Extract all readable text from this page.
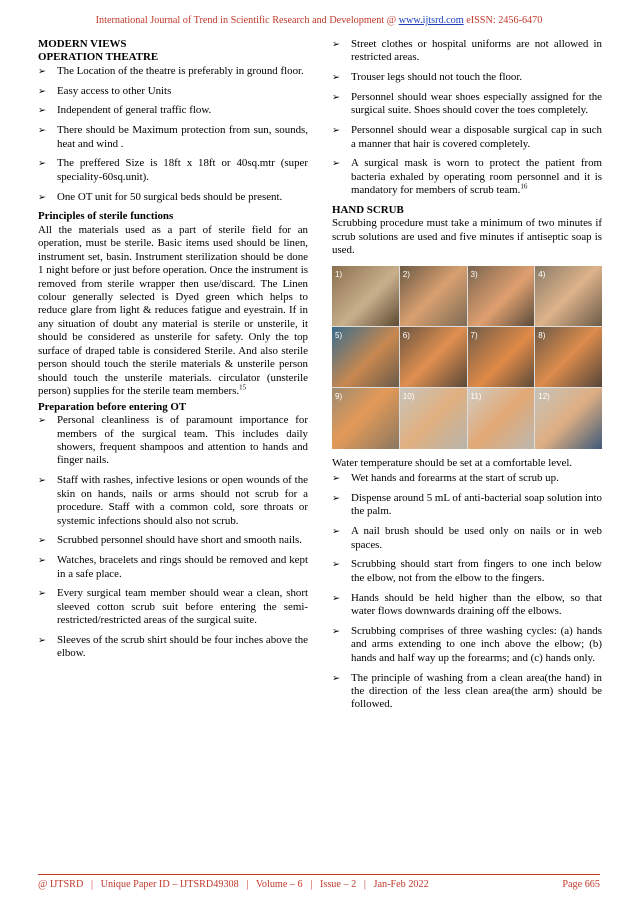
International Journal of Trend in Scientific Research and Development @ www.ijtsrd.com eISSN: 2456-6470

MODERN VIEWS

OPERATION THEATRE

➢ The Location of the theatre is preferably in ground floor.
➢ Easy access to other Units
➢ Independent of general traffic flow.
➢ There should be Maximum protection from sun, sounds, heat and wind .
➢ The preffered Size is 18ft x 18ft or 40sq.mtr (super speciality-60sq.unit).
➢ One OT unit for 50 surgical beds should be present.

Principles of sterile functions

All the materials used as a part of sterile field for an operation, must be sterile. Basic items used should be linen, instrument set, basin. Instrument sterilization should be done 1 night before or just before operation. Once the instrument is removed from sterile wrapper then use/discard. The Linen colour generally selected is Dyed green which helps to reduce glare from light & reduces fatigue and eyestrain. If in any situation of doubt any material is sterile or unsterile, it should be considered as unsterile for safety. Only the top surface of draped table is considered Sterile. And also sterile person should touch the sterile materials & unsterile person should touch the unsterile materials. circulator (unsterile person) supplies for the sterile team members.$^{15}$

Preparation before entering OT

➢ Personal cleanliness is of paramount importance for members of the surgical team. This includes daily showers, frequent shampoos and attention to hands and finger nails.
➢ Staff with rashes, infective lesions or open wounds of the skin on hands, nails or arms should not scrub for a procedure. Staff with a common cold, sore throats or systemic infections should also not scrub.
➢ Scrubbed personnel should have short and smooth nails.
➢ Watches, bracelets and rings should be removed and kept in a safe place.
➢ Every surgical team member should wear a clean, short sleeved cotton scrub suit before entering the semi-restricted/restricted areas of the surgical suite.
➢ Sleeves of the scrub shirt should be four inches above the elbow.
➢ Street clothes or hospital uniforms are not allowed in restricted areas.
➢ Trouser legs should not touch the floor.
➢ Personnel should wear shoes especially assigned for the surgical suite. Shoes should cover the toes completely.
➢ Personnel should wear a disposable surgical cap in such a manner that hair is covered completely.
➢ A surgical mask is worn to protect the patient from bacteria exhaled by operating room personnel and it is mandatory for members of scrub team.$^{16}$

HAND SCRUB

Scrubbing procedure must take a minimum of two minutes if scrub solutions are used and five minutes if antiseptic soap is used.

1)	2)	3)	4)
5)	6)	7)	8)
9)	10)	11)	12)

Water temperature should be set at a comfortable level.

➢ Wet hands and forearms at the start of scrub up.
➢ Dispense around 5 mL of anti-bacterial soap solution into the palm.
➢ A nail brush should be used only on nails or in web spaces.
➢ Scrubbing should start from fingers to one inch below the elbow, not from the elbow to the fingers.
➢ Hands should be held higher than the elbow, so that water flows downwards draining off the elbows.
➢ Scrubbing comprises of three washing cycles: (a) hands and arms extending to one inch above the elbow; (b) hands and half way up the forearms; and (c) hands only.
➢ The principle of washing from a clean area(the hand) in the direction of the less clean area(the arm) should be followed.
@ IJTSRD   |   Unique Paper ID – IJTSRD49308   |   Volume – 6   |   Issue – 2   |   Jan-Feb 2022	Page 665
